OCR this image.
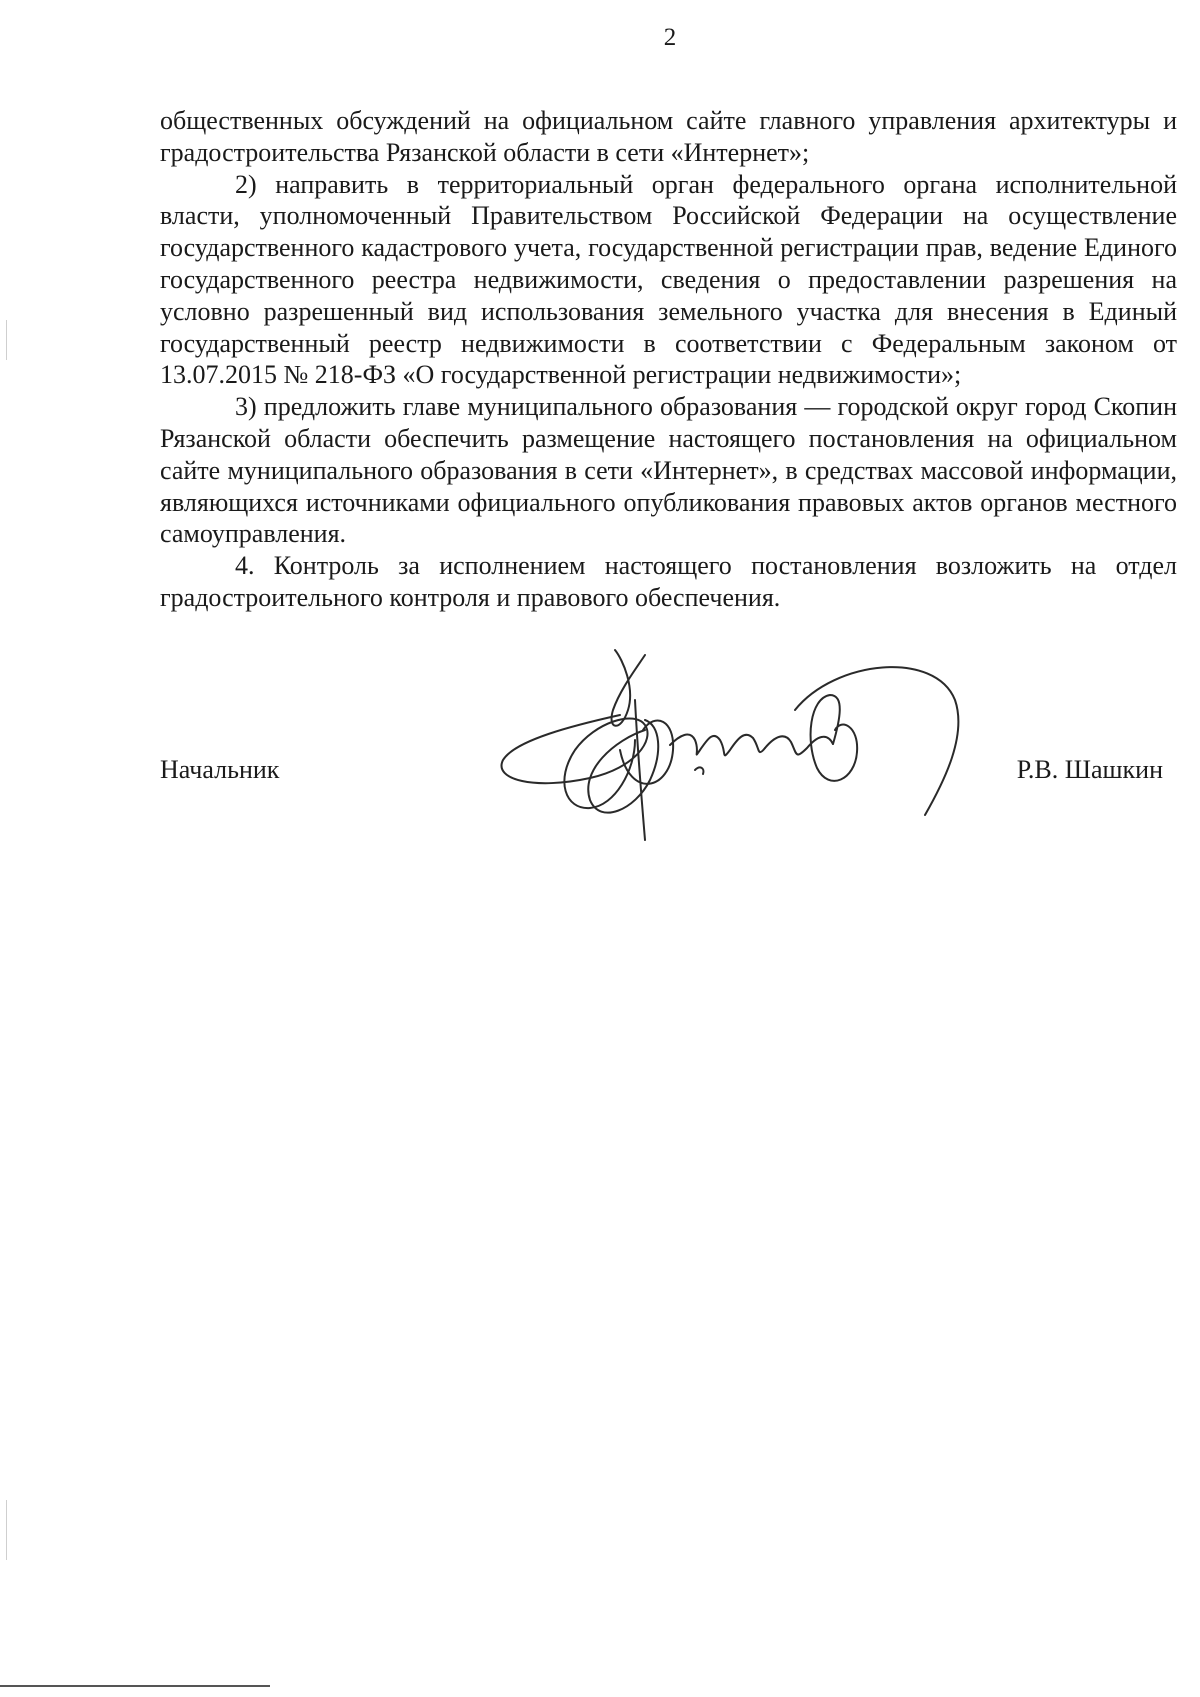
2

общественных обсуждений на официальном сайте главного управления архитектуры и градостроительства Рязанской области в сети «Интернет»;

2) направить в территориальный орган федерального органа исполнительной власти, уполномоченный Правительством Российской Федерации на осуществление государственного кадастрового учета, государственной регистрации прав, ведение Единого государственного реестра недвижимости, сведения о предоставлении разрешения на условно разрешенный вид использования земельного участка для внесения в Единый государственный реестр недвижимости в соответствии с Федеральным законом от 13.07.2015 № 218-ФЗ «О государственной регистрации недвижимости»;

3) предложить главе муниципального образования — городской округ город Скопин Рязанской области обеспечить размещение настоящего постановления на официальном сайте муниципального образования в сети «Интернет», в средствах массовой информации, являющихся источниками официального опубликования правовых актов органов местного самоуправления.

4. Контроль за исполнением настоящего постановления возложить на отдел градостроительного контроля и правового обеспечения.

Начальник	Р.В. Шашкин
